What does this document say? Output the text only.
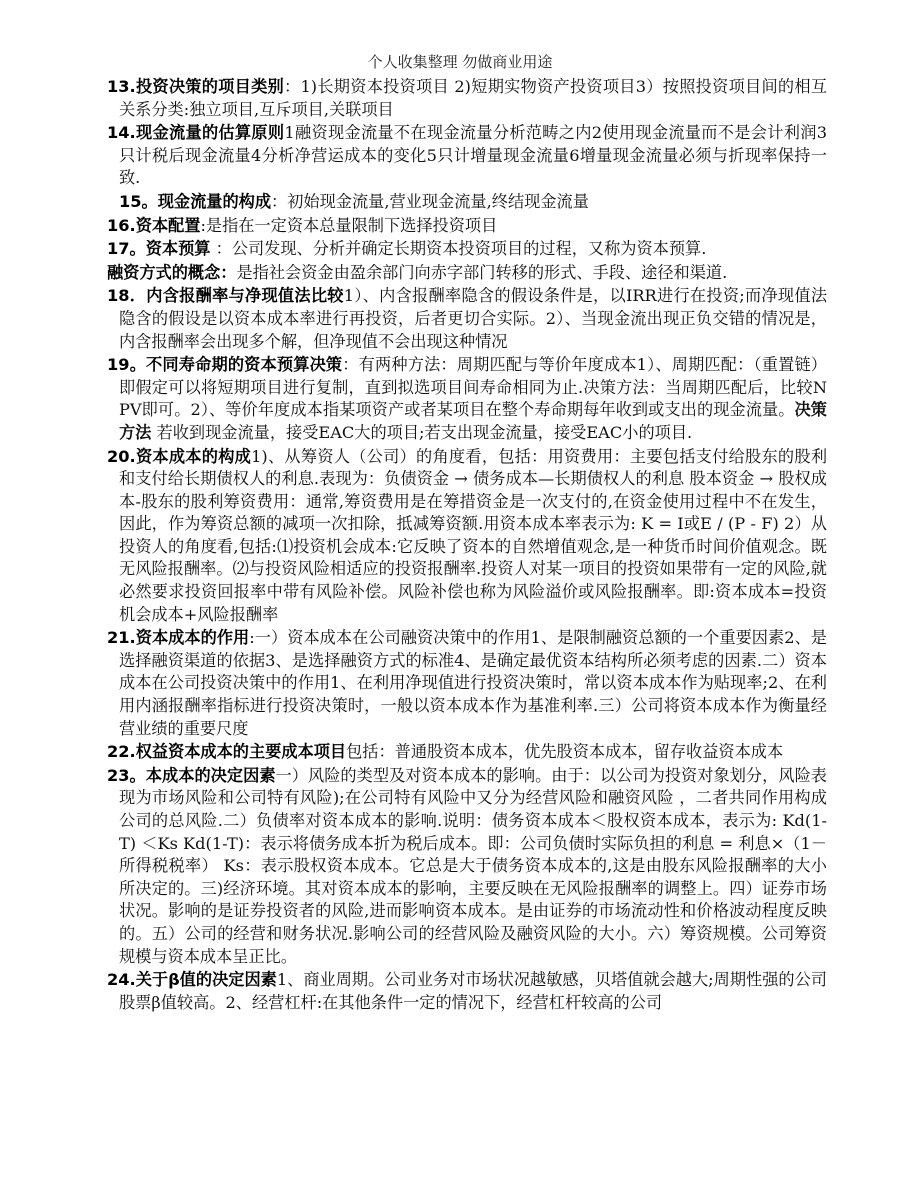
个人收集整理 勿做商业用途

13.投资决策的项目类别：1)长期资本投资项目 2)短期实物资产投资项目3）按照投资项目间的相互关系分类:独立项目,互斥项目,关联项目

14.现金流量的估算原则1融资现金流量不在现金流量分析范畴之内2使用现金流量而不是会计利润3只计税后现金流量4分析净营运成本的变化5只计增量现金流量6增量现金流量必须与折现率保持一致.

15。现金流量的构成：初始现金流量,营业现金流量,终结现金流量

16.资本配置:是指在一定资本总量限制下选择投资项目

17。资本预算 ：公司发现、分析并确定长期资本投资项目的过程，又称为资本预算.

融资方式的概念：是指社会资金由盈余部门向赤字部门转移的形式、手段、途径和渠道.

18．内含报酬率与净现值法比较1）、内含报酬率隐含的假设条件是，以IRR进行在投资;而净现值法隐含的假设是以资本成本率进行再投资，后者更切合实际。2）、当现金流出现正负交错的情况是，内含报酬率会出现多个解，但净现值不会出现这种情况

19。不同寿命期的资本预算决策：有两种方法：周期匹配与等价年度成本1）、周期匹配：（重置链）即假定可以将短期项目进行复制，直到拟选项目间寿命相同为止.决策方法：当周期匹配后，比较NPV即可。2）、等价年度成本指某项资产或者某项目在整个寿命期每年收到或支出的现金流量。决策方法 若收到现金流量，接受EAC大的项目;若支出现金流量，接受EAC小的项目.

20.资本成本的构成1)、从筹资人（公司）的角度看，包括：用资费用：主要包括支付给股东的股利和支付给长期债权人的利息.表现为：负债资金 → 债务成本—长期债权人的利息 股本资金 → 股权成本-股东的股利筹资费用：通常,筹资费用是在筹措资金是一次支付的,在资金使用过程中不在发生，因此，作为筹资总额的减项一次扣除，抵减筹资额.用资本成本率表示为: K = I或E / (P - F) 2）从投资人的角度看,包括:⑴投资机会成本:它反映了资本的自然增值观念,是一种货币时间价值观念。既无风险报酬率。⑵与投资风险相适应的投资报酬率.投资人对某一项目的投资如果带有一定的风险,就必然要求投资回报率中带有风险补偿。风险补偿也称为风险溢价或风险报酬率。即:资本成本=投资机会成本+风险报酬率

21.资本成本的作用:一）资本成本在公司融资决策中的作用1、是限制融资总额的一个重要因素2、是选择融资渠道的依据3、是选择融资方式的标准4、是确定最优资本结构所必须考虑的因素.二）资本成本在公司投资决策中的作用1、在利用净现值进行投资决策时，常以资本成本作为贴现率;2、在利用内涵报酬率指标进行投资决策时，一般以资本成本作为基准利率.三）公司将资本成本作为衡量经营业绩的重要尺度

22.权益资本成本的主要成本项目包括：普通股资本成本，优先股资本成本，留存收益资本成本

23。本成本的决定因素一）风险的类型及对资本成本的影响。由于：以公司为投资对象划分，风险表现为市场风险和公司特有风险);在公司特有风险中又分为经营风险和融资风险 ，二者共同作用构成公司的总风险.二）负债率对资本成本的影响.说明：债务资本成本＜股权资本成本，表示为: Kd(1-T) ＜Ks Kd(1-T)：表示将债务成本折为税后成本。即：公司负债时实际负担的利息 = 利息×（1－所得税税率） Ks：表示股权资本成本。它总是大于债务资本成本的,这是由股东风险报酬率的大小所决定的。三)经济环境。其对资本成本的影响，主要反映在无风险报酬率的调整上。四）证券市场状况。影响的是证券投资者的风险,进而影响资本成本。是由证券的市场流动性和价格波动程度反映的。五）公司的经营和财务状况.影响公司的经营风险及融资风险的大小。六）筹资规模。公司筹资规模与资本成本呈正比。

24.关于β值的决定因素1、商业周期。公司业务对市场状况越敏感，贝塔值就会越大;周期性强的公司股票β值较高。2、经营杠杆:在其他条件一定的情况下，经营杠杆较高的公司
